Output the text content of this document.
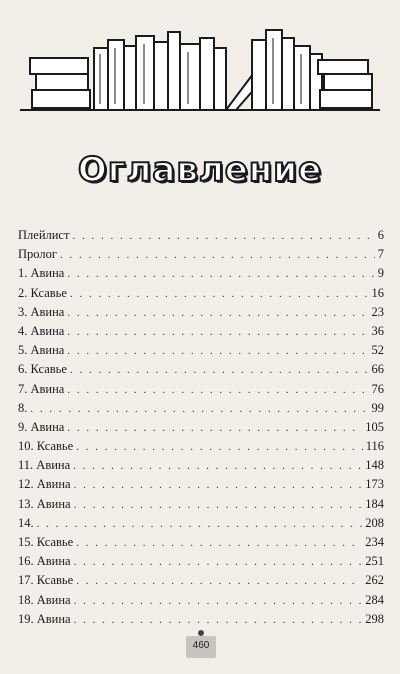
Оглавление
Плейлист . . .	6
Пролог . . .	7
1. Авина . . .	9
2. Ксавье . . .	16
3. Авина . . .	23
4. Авина . . .	36
5. Авина . . .	52
6. Ксавье . . .	66
7. Авина . . .	76
8. . . .	99
9. Авина . . .	105
10. Ксавье . . .	116
11. Авина . . .	148
12. Авина . . .	173
13. Авина . . .	184
14. . . .	208
15. Ксавье . . .	234
16. Авина . . .	251
17. Ксавье . . .	262
18. Авина . . .	284
19. Авина . . .	298
460
